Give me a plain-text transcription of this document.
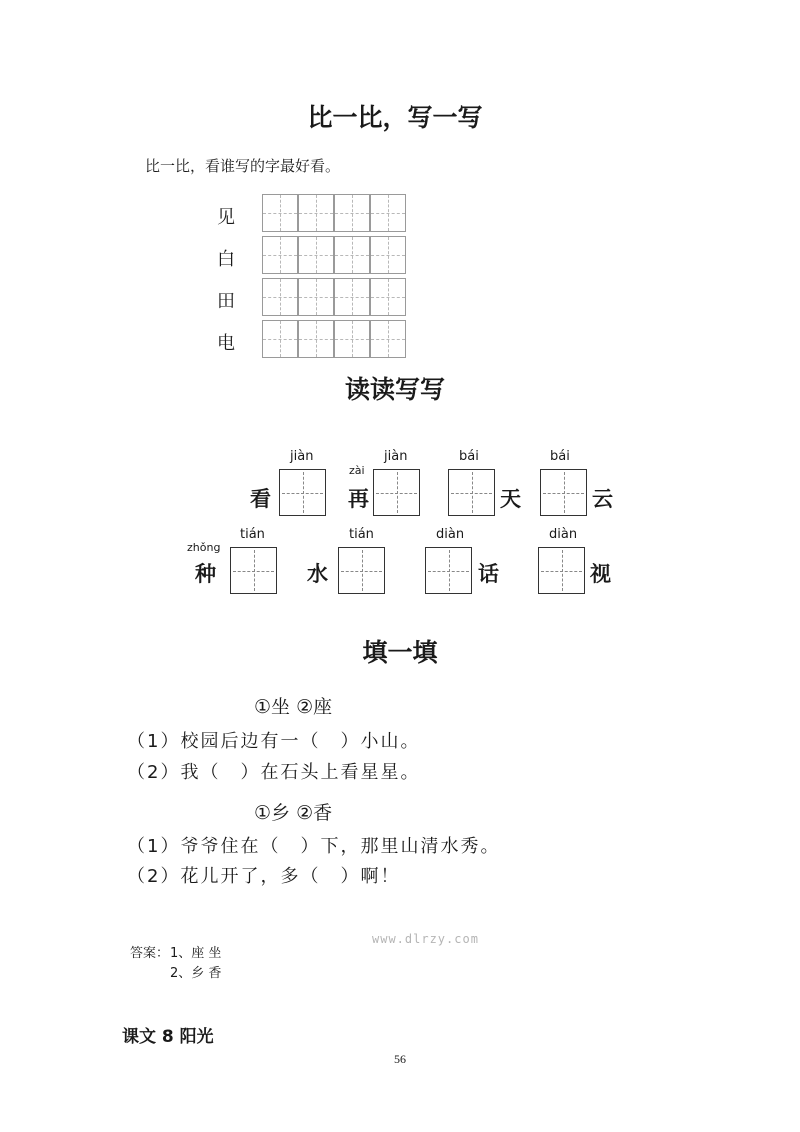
比一比，写一写
比一比，看谁写的字最好看。
见
白
田
电
读读写写
jiàn
看
zài
jiàn
再
bái
天
bái
云
zhǒng
tián
种
tián
水
diàn
话
diàn
视
填一填
①坐 ②座
（1）校园后边有一（　）小山。
（2）我（　）在石头上看星星。
①乡 ②香
（1）爷爷住在（　）下，那里山清水秀。
（2）花儿开了，多（　）啊！
答案： 1、座 坐
2、乡 香
www.dlrzy.com
课文 8 阳光
56
